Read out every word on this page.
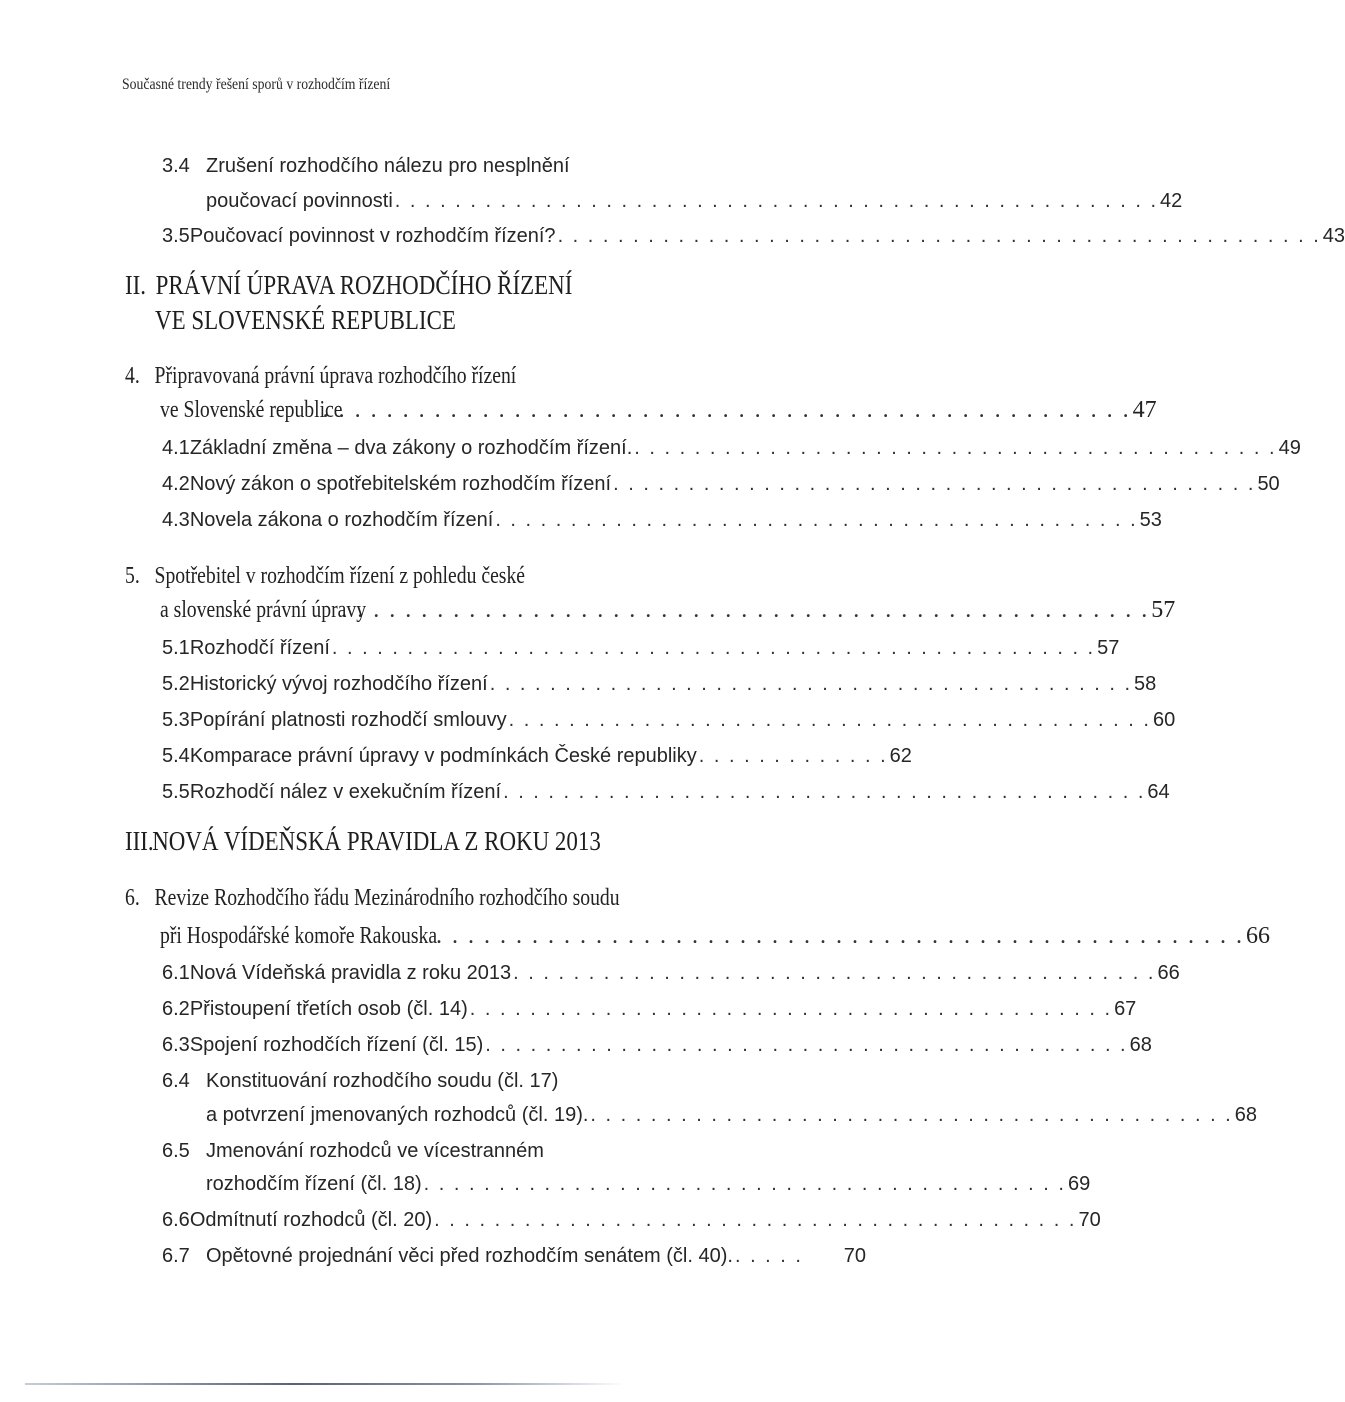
Současné trendy řešení sporů v rozhodčím řízení
3.4 Zrušení rozhodčího nálezu pro nesplnění
poučovací povinnosti . . . . . . . . . . . . . . . . . . . . . . . . . . . . . . . . . . . . . . . . . . . . . . . . . . . 42
3.5 Poučovací povinnost v rozhodčím řízení? . . . . . . . . . . . . . . . . . . . . . . . . . . . . . . . . . . . . . . . . . . . . . . . . . . . 43
II. PRÁVNÍ ÚPRAVA ROZHODČÍHO ŘÍZENÍ
VE SLOVENSKÉ REPUBLICE
4. Připravovaná právní úprava rozhodčího řízení
ve Slovenské republice
. . . . . . . . . . . . . . . . . . . . . . . . . . . . . . . . . . . . . . . . . . . . . . . . . . . 47
4.1 Základní změna – dva zákony o rozhodčím řízení. . . . . . . . . . . . . . . . . . . . . . . . . . . . . . . . . . . . . . . . . . . . 49
4.2 Nový zákon o spotřebitelském rozhodčím řízení . . . . . . . . . . . . . . . . . . . . . . . . . . . . . . . . . . . . . . . . . . . 50
4.3 Novela zákona o rozhodčím řízení . . . . . . . . . . . . . . . . . . . . . . . . . . . . . . . . . . . . . . . . . . . 53
5. Spotřebitel v rozhodčím řízení z pohledu české
a slovenské právní úpravy
. . . . . . . . . . . . . . . . . . . . . . . . . . . . . . . . . . . . . . . . . . . . . . . . . . . 57
5.1 Rozhodčí řízení . . . . . . . . . . . . . . . . . . . . . . . . . . . . . . . . . . . . . . . . . . . . . . . . . . . 57
5.2 Historický vývoj rozhodčího řízení . . . . . . . . . . . . . . . . . . . . . . . . . . . . . . . . . . . . . . . . . . . 58
5.3 Popírání platnosti rozhodčí smlouvy . . . . . . . . . . . . . . . . . . . . . . . . . . . . . . . . . . . . . . . . . . . 60
5.4 Komparace právní úpravy v podmínkách České republiky . . . . . . . . . . . . . 62
5.5 Rozhodčí nález v exekučním řízení . . . . . . . . . . . . . . . . . . . . . . . . . . . . . . . . . . . . . . . . . . . 64
III.NOVÁ VÍDEŇSKÁ PRAVIDLA Z ROKU 2013
6. Revize Rozhodčího řádu Mezinárodního rozhodčího soudu
při Hospodářské komoře Rakouska
. . . . . . . . . . . . . . . . . . . . . . . . . . . . . . . . . . . . . . . . . . . . . . . . . . . 66
6.1 Nová Vídeňská pravidla z roku 2013 . . . . . . . . . . . . . . . . . . . . . . . . . . . . . . . . . . . . . . . . . . . 66
6.2 Přistoupení třetích osob (čl. 14) . . . . . . . . . . . . . . . . . . . . . . . . . . . . . . . . . . . . . . . . . . . 67
6.3 Spojení rozhodčích řízení (čl. 15) . . . . . . . . . . . . . . . . . . . . . . . . . . . . . . . . . . . . . . . . . . . 68
6.4 Konstituování rozhodčího soudu (čl. 17)
a potvrzení jmenovaných rozhodců (čl. 19). . . . . . . . . . . . . . . . . . . . . . . . . . . . . . . . . . . . . . . . . . . . 68
6.5 Jmenování rozhodců ve vícestranném
rozhodčím řízení (čl. 18) . . . . . . . . . . . . . . . . . . . . . . . . . . . . . . . . . . . . . . . . . . . 69
6.6 Odmítnutí rozhodců (čl. 20) . . . . . . . . . . . . . . . . . . . . . . . . . . . . . . . . . . . . . . . . . . . 70
6.7 Opětovné projednání věci před rozhodčím senátem (čl. 40). . . . . .	70
